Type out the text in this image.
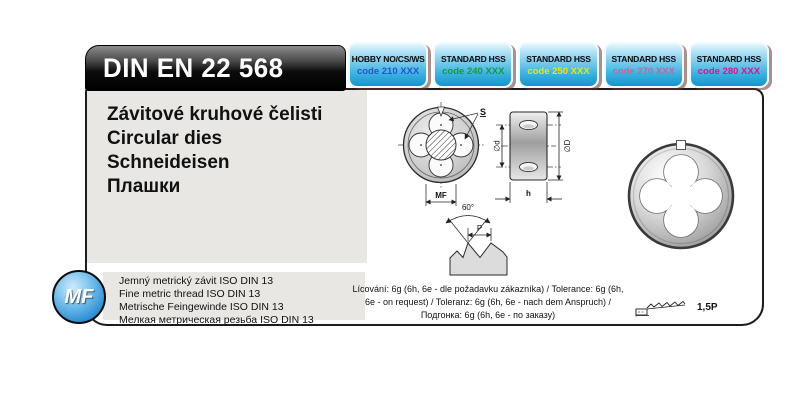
DIN EN 22 568	HOBBY NO/CS/WS
code 210 XXX
STANDARD HSS
code 240 XXX
STANDARD HSS
code 250 XXX
STANDARD HSS
code 270 XXX
STANDARD HSS
code 280 XXX
Závitové kruhové čelisti
Circular dies
Schneideisen
Плашки
S
MF
∅d	∅D
h
60°
P
Jemný metrický závit ISO DIN 13
Fine metric thread ISO DIN 13
Metrische Feingewinde ISO DIN 13
Мелкая метрическая резьба ISO DIN 13
MF	Lícování: 6g (6h, 6e - dle požadavku zákazníka) / Tolerance: 6g (6h, 6e - on request) / Toleranz: 6g (6h, 6e - nach dem Anspruch) / Подгонка: 6g (6h, 6e - по заказу)
1,5P
